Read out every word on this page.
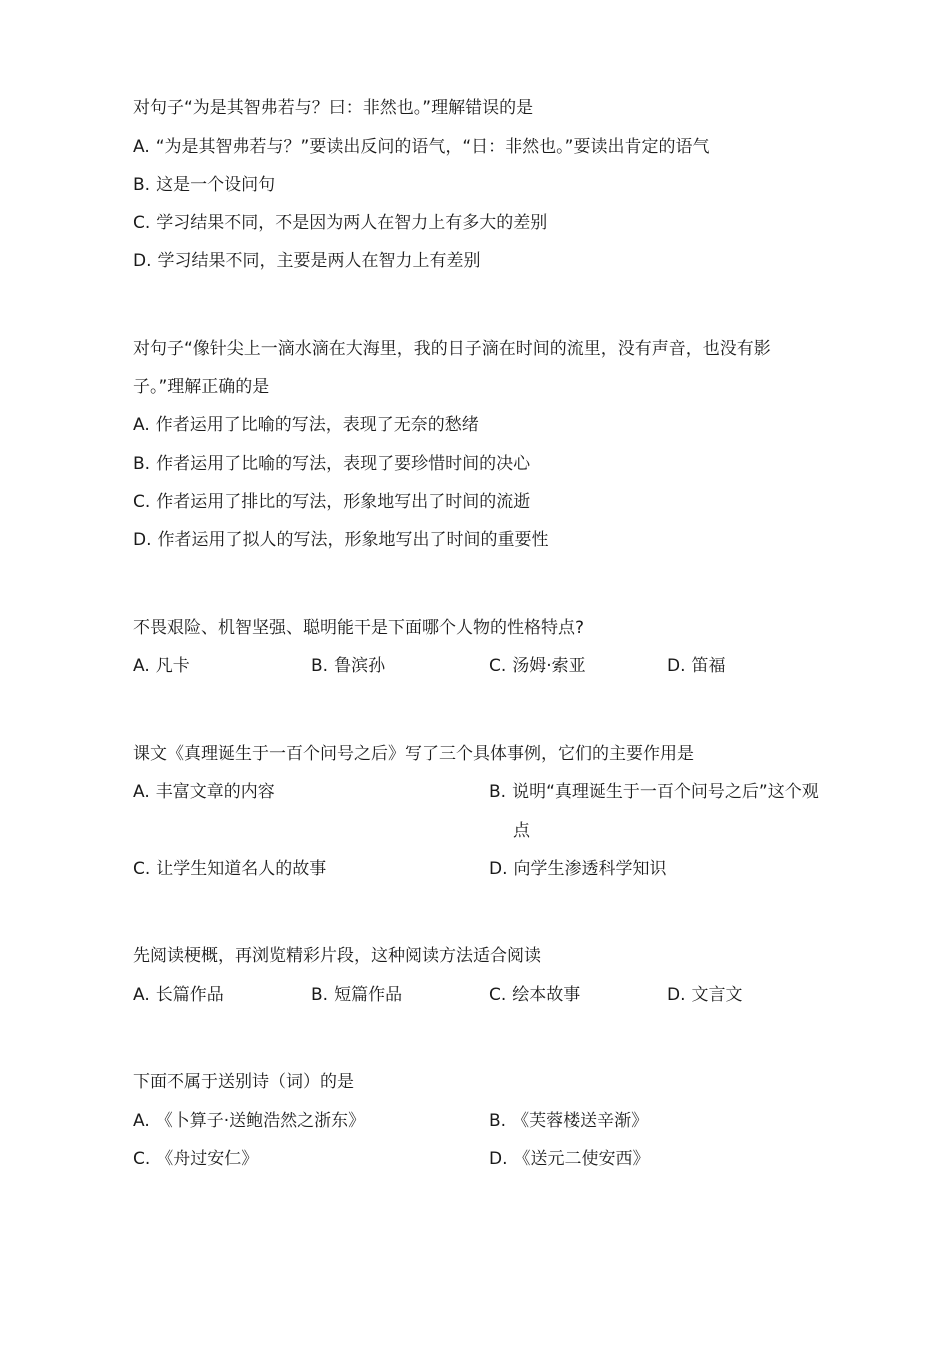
对句子“为是其智弗若与？曰：非然也。”理解错误的是
A. “为是其智弗若与？”要读出反问的语气，“日：非然也。”要读出肯定的语气
B. 这是一个设问句
C. 学习结果不同，不是因为两人在智力上有多大的差别
D. 学习结果不同，主要是两人在智力上有差别
对句子“像针尖上一滴水滴在大海里，我的日子滴在时间的流里，没有声音，也没有影
子。”理解正确的是
A. 作者运用了比喻的写法，表现了无奈的愁绪
B. 作者运用了比喻的写法，表现了要珍惜时间的决心
C. 作者运用了排比的写法，形象地写出了时间的流逝
D. 作者运用了拟人的写法，形象地写出了时间的重要性
不畏艰险、机智坚强、聪明能干是下面哪个人物的性格特点?
A. 凡卡	B. 鲁滨孙	C. 汤姆·索亚	D. 笛福
课文《真理诞生于一百个问号之后》写了三个具体事例，它们的主要作用是
A. 丰富文章的内容	B. 说明“真理诞生于一百个问号之后”这个观
点
C. 让学生知道名人的故事	D. 向学生渗透科学知识
先阅读梗概，再浏览精彩片段，这种阅读方法适合阅读
A. 长篇作品	B. 短篇作品	C. 绘本故事	D. 文言文
下面不属于送别诗（词）的是
A. 《卜算子·送鲍浩然之浙东》	B. 《芙蓉楼送辛渐》
C. 《舟过安仁》	D. 《送元二使安西》
